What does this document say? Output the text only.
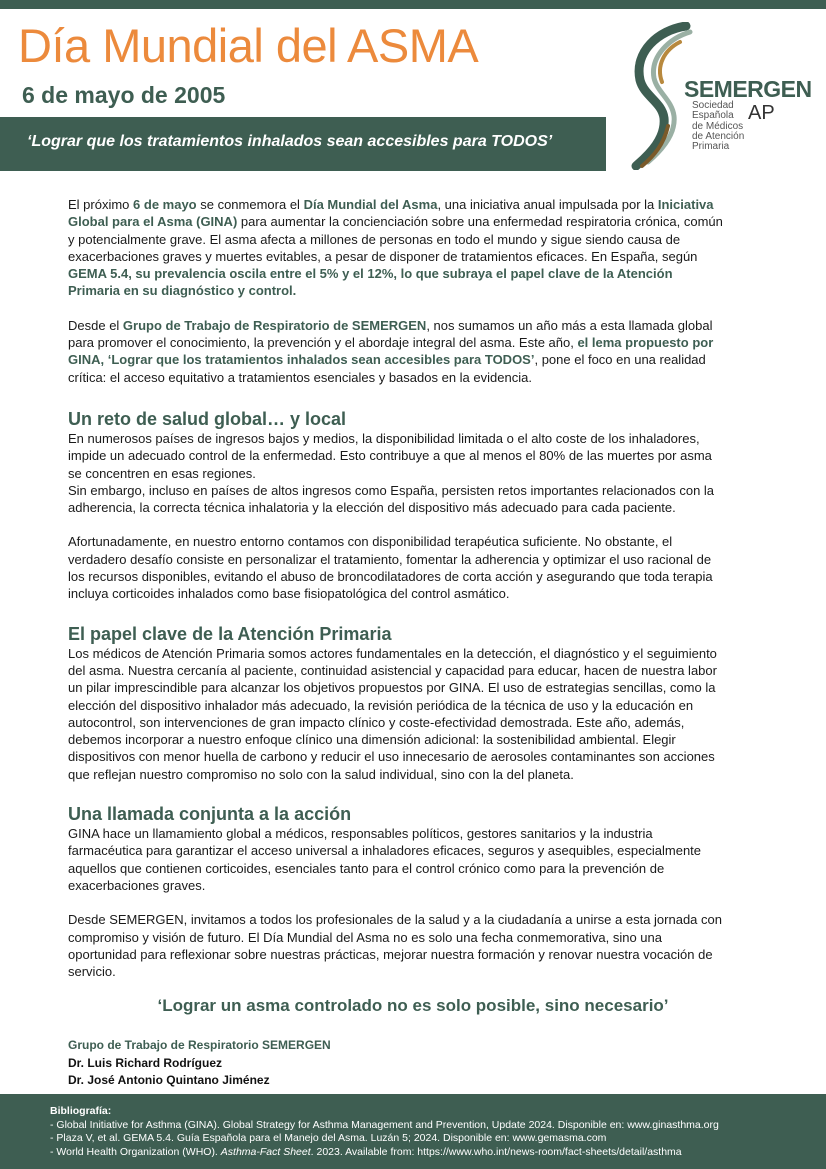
Día Mundial del ASMA
6 de mayo de 2005
‘Lograr que los tratamientos inhalados sean accesibles para TODOS’
SEMERGEN
Sociedad
Española
de Médicos
de Atención
Primaria
AP

El próximo 6 de mayo se conmemora el Día Mundial del Asma, una iniciativa anual impulsada por la Iniciativa Global para el Asma (GINA) para aumentar la concienciación sobre una enfermedad respiratoria crónica, común y potencialmente grave. El asma afecta a millones de personas en todo el mundo y sigue siendo causa de exacerbaciones graves y muertes evitables, a pesar de disponer de tratamientos eficaces. En España, según GEMA 5.4, su prevalencia oscila entre el 5% y el 12%, lo que subraya el papel clave de la Atención Primaria en su diagnóstico y control.

Desde el Grupo de Trabajo de Respiratorio de SEMERGEN, nos sumamos un año más a esta llamada global para promover el conocimiento, la prevención y el abordaje integral del asma. Este año, el lema propuesto por GINA, ‘Lograr que los tratamientos inhalados sean accesibles para TODOS’, pone el foco en una realidad crítica: el acceso equitativo a tratamientos esenciales y basados en la evidencia.

Un reto de salud global… y local

En numerosos países de ingresos bajos y medios, la disponibilidad limitada o el alto coste de los inhaladores, impide un adecuado control de la enfermedad. Esto contribuye a que al menos el 80% de las muertes por asma se concentren en esas regiones.

Sin embargo, incluso en países de altos ingresos como España, persisten retos importantes relacionados con la adherencia, la correcta técnica inhalatoria y la elección del dispositivo más adecuado para cada paciente.

Afortunadamente, en nuestro entorno contamos con disponibilidad terapéutica suficiente. No obstante, el verdadero desafío consiste en personalizar el tratamiento, fomentar la adherencia y optimizar el uso racional de los recursos disponibles, evitando el abuso de broncodilatadores de corta acción y asegurando que toda terapia incluya corticoides inhalados como base fisiopatológica del control asmático.

El papel clave de la Atención Primaria

Los médicos de Atención Primaria somos actores fundamentales en la detección, el diagnóstico y el seguimiento del asma. Nuestra cercanía al paciente, continuidad asistencial y capacidad para educar, hacen de nuestra labor un pilar imprescindible para alcanzar los objetivos propuestos por GINA. El uso de estrategias sencillas, como la elección del dispositivo inhalador más adecuado, la revisión periódica de la técnica de uso y la educación en autocontrol, son intervenciones de gran impacto clínico y coste-efectividad demostrada. Este año, además, debemos incorporar a nuestro enfoque clínico una dimensión adicional: la sostenibilidad ambiental. Elegir dispositivos con menor huella de carbono y reducir el uso innecesario de aerosoles contaminantes son acciones que reflejan nuestro compromiso no solo con la salud individual, sino con la del planeta.

Una llamada conjunta a la acción

GINA hace un llamamiento global a médicos, responsables políticos, gestores sanitarios y la industria farmacéutica para garantizar el acceso universal a inhaladores eficaces, seguros y asequibles, especialmente aquellos que contienen corticoides, esenciales tanto para el control crónico como para la prevención de exacerbaciones graves.

Desde SEMERGEN, invitamos a todos los profesionales de la salud y a la ciudadanía a unirse a esta jornada con compromiso y visión de futuro. El Día Mundial del Asma no es solo una fecha conmemorativa, sino una oportunidad para reflexionar sobre nuestras prácticas, mejorar nuestra formación y renovar nuestra vocación de servicio.

‘Lograr un asma controlado no es solo posible, sino necesario’
Grupo de Trabajo de Respiratorio SEMERGEN
Dr. Luis Richard Rodríguez
Dr. José Antonio Quintano Jiménez
Bibliografía:
- Global Initiative for Asthma (GINA). Global Strategy for Asthma Management and Prevention, Update 2024. Disponible en: www.ginasthma.org
- Plaza V, et al. GEMA 5.4. Guía Española para el Manejo del Asma. Luzán 5; 2024. Disponible en: www.gemasma.com
- World Health Organization (WHO). Asthma-Fact Sheet. 2023. Available from: https://www.who.int/news-room/fact-sheets/detail/asthma
